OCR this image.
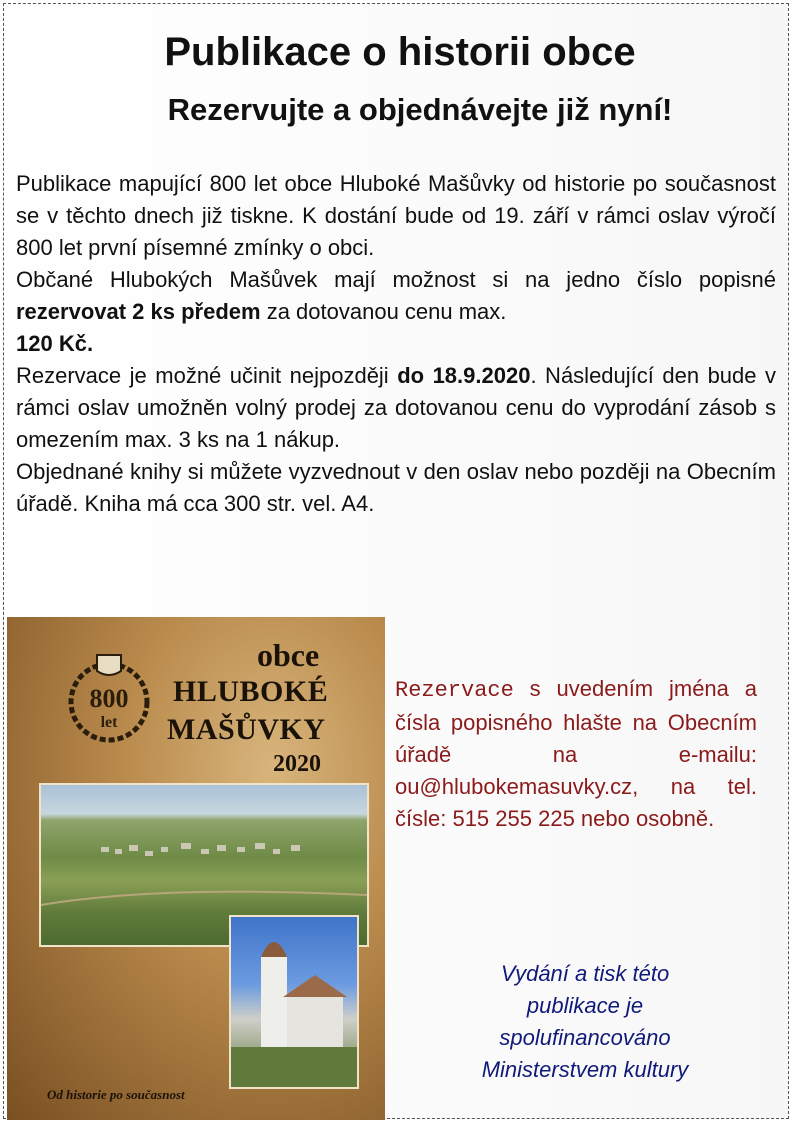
Publikace o historii obce
Rezervujte a objednávejte již nyní!

Publikace mapující 800 let obce Hluboké Mašůvky od historie po současnost se v těchto dnech již tiskne. K dostání bude od 19. září v rámci oslav výročí 800 let první písemné zmínky o obci.

Občané Hlubokých Mašůvek mají možnost si na jedno číslo popisné rezervovat 2 ks předem za dotovanou cenu max.

120 Kč.

Rezervace je možné učinit nejpozději do 18.9.2020. Následující den bude v rámci oslav umožněn volný prodej za dotovanou cenu do vyprodání zásob s omezením max. 3 ks na 1 nákup.

Objednané knihy si můžete vyzvednout v den oslav nebo později na Obecním úřadě. Kniha má cca 300 str. vel. A4.

800
let
obce
HLUBOKÉ
MAŠŮVKY
2020
Od historie po současnost

Rezervace s uvedením jména a čísla popisného hlašte na Obecním úřadě na e-mailu: ou@hlubokemasuvky.cz, na tel. čísle: 515 255 225 nebo osobně.

Vydání a tisk této
publikace je
spolufinancováno
Ministerstvem kultury
